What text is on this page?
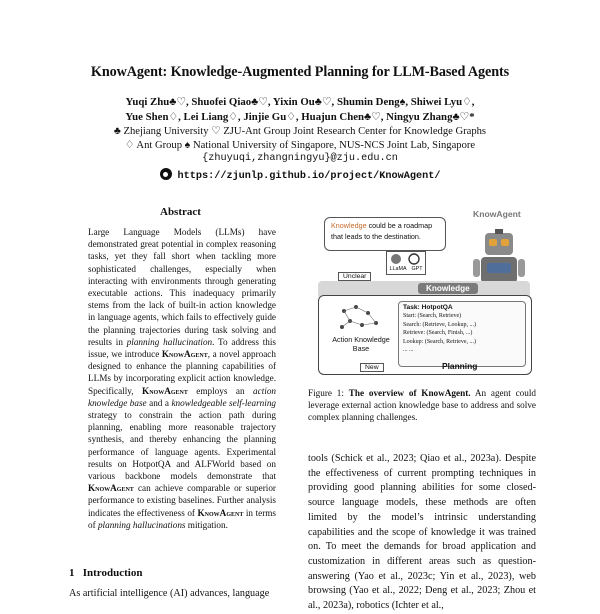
KnowAgent: Knowledge-Augmented Planning for LLM-Based Agents
Yuqi Zhu♣♡, Shuofei Qiao♣♡, Yixin Ou♣♡, Shumin Deng♠, Shiwei Lyu♢,
Yue Shen♢, Lei Liang♢, Jinjie Gu♢, Huajun Chen♣♡, Ningyu Zhang♣♡*
♣ Zhejiang University ♡ ZJU-Ant Group Joint Research Center for Knowledge Graphs
♢ Ant Group ♠ National University of Singapore, NUS-NCS Joint Lab, Singapore
{zhuyuqi,zhangningyu}@zju.edu.cn
https://zjunlp.github.io/project/KnowAgent/
Abstract
Large Language Models (LLMs) have demonstrated great potential in complex reasoning tasks, yet they fall short when tackling more sophisticated challenges, especially when interacting with environments through generating executable actions. This inadequacy primarily stems from the lack of built-in action knowledge in language agents, which fails to effectively guide the planning trajectories during task solving and results in planning hallucination. To address this issue, we introduce KnowAgent, a novel approach designed to enhance the planning capabilities of LLMs by incorporating explicit action knowledge. Specifically, KnowAgent employs an action knowledge base and a knowledgeable self-learning strategy to constrain the action path during planning, enabling more reasonable trajectory synthesis, and thereby enhancing the planning performance of language agents. Experimental results on HotpotQA and ALFWorld based on various backbone models demonstrate that KnowAgent can achieve comparable or superior performance to existing baselines. Further analysis indicates the effectiveness of KnowAgent in terms of planning hallucinations mitigation.
1 Introduction
As artificial intelligence (AI) advances, language
Knowledge could be a roadmap that leads to the destination.
KnowAgent
LLaMA GPT
Unclear
Knowledge
Action Knowledge Base
Task: HotpotQA
Start: (Search, Retrieve)
Search: (Retrieve, Lookup, ...)
Retrieve: (Search, Finish, ...)
Lookup: (Search, Retrieve, ...)
... ...
New	Planning
Figure 1: The overview of KnowAgent. An agent could leverage external action knowledge base to address and solve complex planning challenges.
tools (Schick et al., 2023; Qiao et al., 2023a). Despite the effectiveness of current prompting techniques in providing good planning abilities for some closed-source language models, these methods are often limited by the model’s intrinsic understanding capabilities and the scope of knowledge it was trained on. To meet the demands for broad application and customization in different areas such as question-answering (Yao et al., 2023c; Yin et al., 2023), web browsing (Yao et al., 2022; Deng et al., 2023; Zhou et al., 2023a), robotics (Ichter et al.,
